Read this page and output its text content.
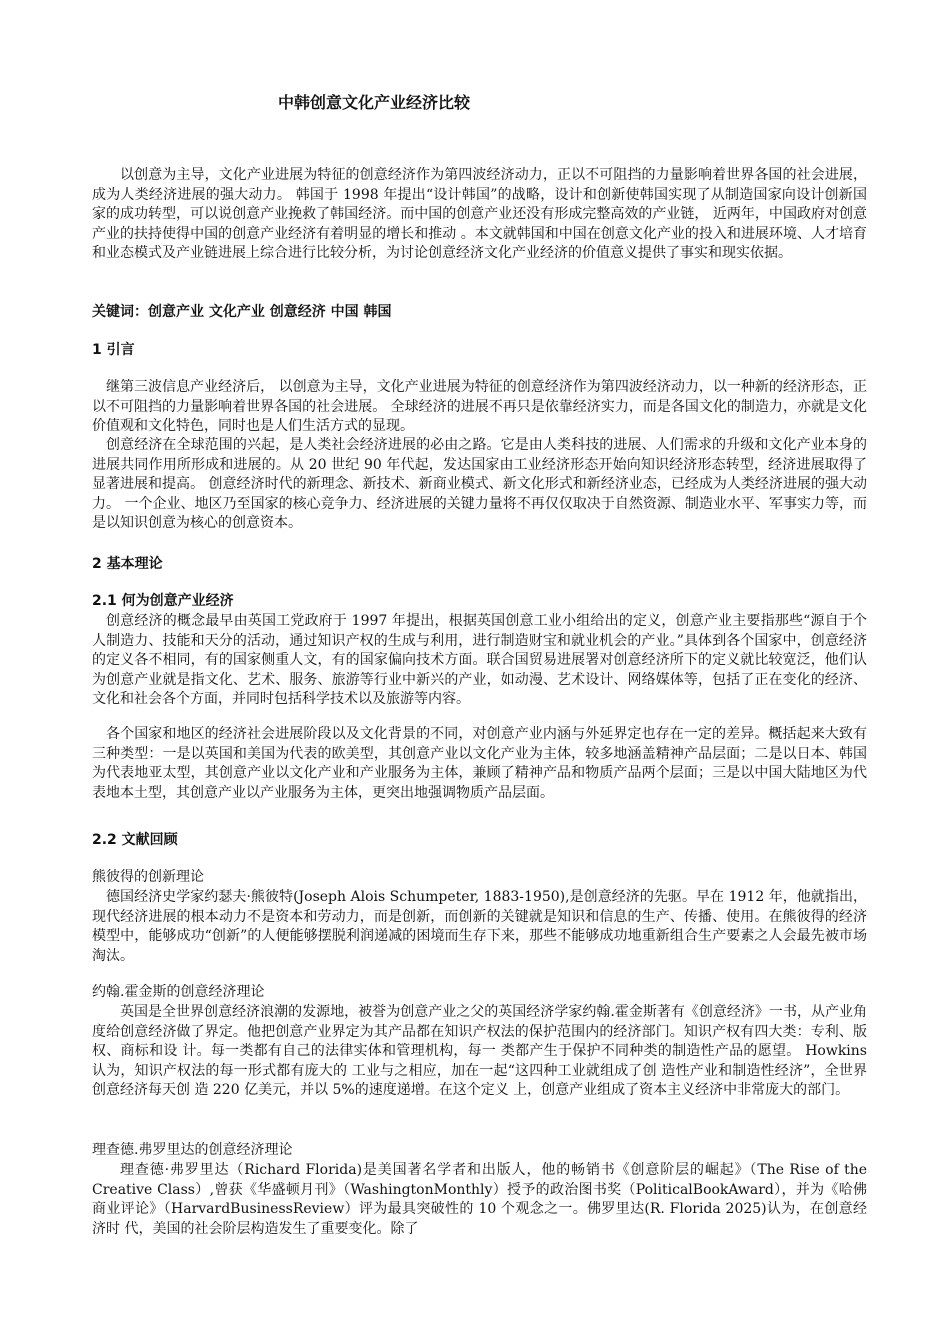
中韩创意文化产业经济比较

以创意为主导，文化产业进展为特征的创意经济作为第四波经济动力，正以不可阻挡的力量影响着世界各国的社会进展，成为人类经济进展的强大动力。 韩国于 1998 年提出“设计韩国”的战略，设计和创新使韩国实现了从制造国家向设计创新国家的成功转型，可以说创意产业挽救了韩国经济。而中国的创意产业还没有形成完整高效的产业链， 近两年，中国政府对创意产业的扶持使得中国的创意产业经济有着明显的增长和推动 。本文就韩国和中国在创意文化产业的投入和进展环境、人才培育和业态模式及产业链进展上综合进行比较分析，为讨论创意经济文化产业经济的价值意义提供了事实和现实依据。

关键词：创意产业 文化产业 创意经济 中国 韩国

1 引言

继第三波信息产业经济后， 以创意为主导，文化产业进展为特征的创意经济作为第四波经济动力，以一种新的经济形态，正以不可阻挡的力量影响着世界各国的社会进展。 全球经济的进展不再只是依靠经济实力，而是各国文化的制造力，亦就是文化价值观和文化特色，同时也是人们生活方式的显现。

创意经济在全球范围的兴起，是人类社会经济进展的必由之路。它是由人类科技的进展、人们需求的升级和文化产业本身的进展共同作用所形成和进展的。从 20 世纪 90 年代起，发达国家由工业经济形态开始向知识经济形态转型，经济进展取得了显著进展和提高。 创意经济时代的新理念、新技术、新商业模式、新文化形式和新经济业态，已经成为人类经济进展的强大动力。 一个企业、地区乃至国家的核心竞争力、经济进展的关键力量将不再仅仅取决于自然资源、制造业水平、军事实力等，而是以知识创意为核心的创意资本。

2 基本理论
2.1 何为创意产业经济

创意经济的概念最早由英国工党政府于 1997 年提出，根据英国创意工业小组给出的定义，创意产业主要指那些“源自于个人制造力、技能和天分的活动，通过知识产权的生成与利用，进行制造财宝和就业机会的产业。”具体到各个国家中，创意经济的定义各不相同，有的国家侧重人文，有的国家偏向技术方面。联合国贸易进展署对创意经济所下的定义就比较宽泛，他们认为创意产业就是指文化、艺术、服务、旅游等行业中新兴的产业，如动漫、艺术设计、网络媒体等，包括了正在变化的经济、文化和社会各个方面，并同时包括科学技术以及旅游等内容。

各个国家和地区的经济社会进展阶段以及文化背景的不同，对创意产业内涵与外延界定也存在一定的差异。概括起来大致有三种类型：一是以英国和美国为代表的欧美型，其创意产业以文化产业为主体，较多地涵盖精神产品层面；二是以日本、韩国为代表地亚太型，其创意产业以文化产业和产业服务为主体，兼顾了精神产品和物质产品两个层面；三是以中国大陆地区为代表地本土型，其创意产业以产业服务为主体，更突出地强调物质产品层面。

2.2 文献回顾

熊彼得的创新理论

德国经济史学家约瑟夫·熊彼特(Joseph Alois Schumpeter, 1883-1950),是创意经济的先驱。早在 1912 年，他就指出，现代经济进展的根本动力不是资本和劳动力，而是创新，而创新的关键就是知识和信息的生产、传播、使用。在熊彼得的经济模型中，能够成功“创新”的人便能够摆脱利润递减的困境而生存下来，那些不能够成功地重新组合生产要素之人会最先被市场淘汰。

约翰.霍金斯的创意经济理论

英国是全世界创意经济浪潮的发源地，被誉为创意产业之父的英国经济学家约翰.霍金斯著有《创意经济》一书，从产业角度给创意经济做了界定。他把创意产业界定为其产品都在知识产权法的保护范围内的经济部门。知识产权有四大类：专利、版权、商标和设 计。每一类都有自己的法律实体和管理机构，每一 类都产生于保护不同种类的制造性产品的愿望。 Howkins 认为，知识产权法的每一形式都有庞大的 工业与之相应，加在一起“这四种工业就组成了创 造性产业和制造性经济”，全世界创意经济每天创 造 220 亿美元，并以 5%的速度递增。在这个定义 上，创意产业组成了资本主义经济中非常庞大的部门。

理查德.弗罗里达的创意经济理论

理查德·弗罗里达（Richard Florida)是美国著名学者和出版人，他的畅销书《创意阶层的崛起》（The Rise of the Creative Class）,曾获《华盛顿月刊》（WashingtonMonthly）授予的政治图书奖（PoliticalBookAward），并为《哈佛商业评论》（HarvardBusinessReview）评为最具突破性的 10 个观念之一。佛罗里达(R. Florida 2025)认为，在创意经济时 代，美国的社会阶层构造发生了重要变化。除了
